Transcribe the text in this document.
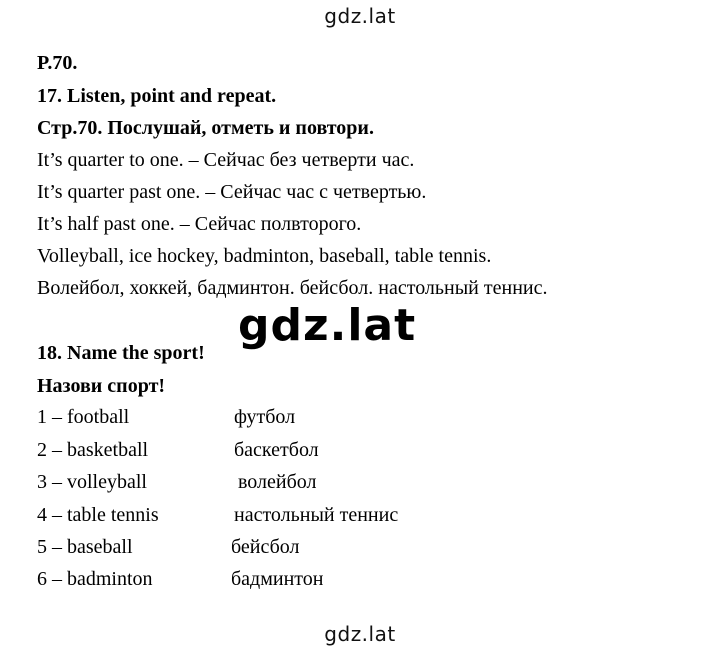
gdz.lat
P.70.
17. Listen, point and repeat.
Стр.70. Послушай, отметь и повтори.
It’s quarter to one. – Сейчас без четверти час.
It’s quarter past one. – Сейчас час с четвертью.
It’s half past one. – Сейчас полвторого.
Volleyball, ice hockey, badminton, baseball, table tennis.
Волейбол, хоккей, бадминтон. бейсбол. настольный теннис.
gdz.lat
18. Name the sport!
Назови спорт!
1 – football	футбол
2 – basketball	баскетбол
3 – volleyball	волейбол
4 – table tennis	настольный теннис
5 – baseball	бейсбол
6 – badminton	бадминтон
gdz.lat
